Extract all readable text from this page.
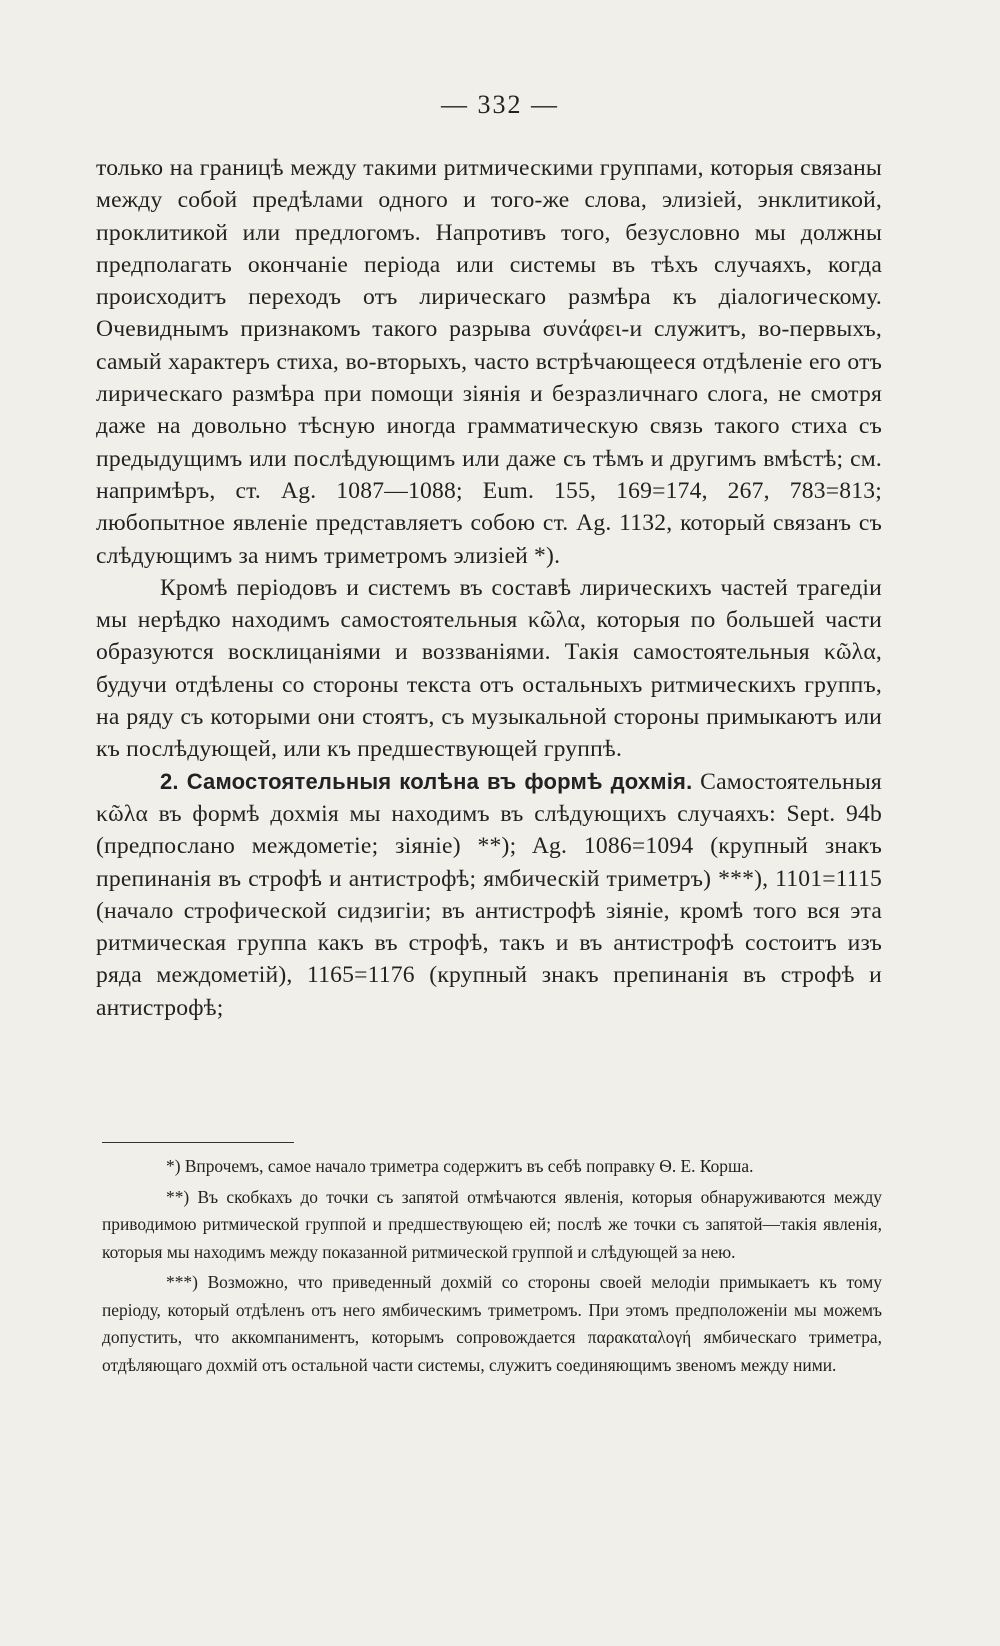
— 332 —

только на границѣ между такими ритмическими группами, которыя связаны между собой предѣлами одного и того-же слова, элизіей, энклитикой, проклитикой или предлогомъ. Напротивъ того, безусловно мы должны предполагать окончаніе періода или системы въ тѣхъ случаяхъ, когда происходитъ переходъ отъ лирическаго размѣра къ діалогическому. Очевиднымъ признакомъ такого разрыва συνάφει-и служитъ, во-первыхъ, самый характеръ стиха, во-вторыхъ, часто встрѣчающееся отдѣленіе его отъ лирическаго размѣра при помощи зіянія и безразличнаго слога, не смотря даже на довольно тѣсную иногда грамматическую связь такого стиха съ предыдущимъ или послѣдующимъ или даже съ тѣмъ и другимъ вмѣстѣ; см. напримѣръ, ст. Ag. 1087—1088; Eum. 155, 169=174, 267, 783=813; любопытное явленіе представляетъ собою ст. Ag. 1132, который связанъ съ слѣдующимъ за нимъ триметромъ элизіей *).

Кромѣ періодовъ и системъ въ составѣ лирическихъ частей трагедіи мы нерѣдко находимъ самостоятельныя κῶλα, которыя по большей части образуются восклицаніями и воззваніями. Такія самостоятельныя κῶλα, будучи отдѣлены со стороны текста отъ остальныхъ ритмическихъ группъ, на ряду съ которыми они стоятъ, съ музыкальной стороны примыкаютъ или къ послѣдующей, или къ предшествующей группѣ.

2. Самостоятельныя колѣна въ формѣ дохмія. Самостоятельныя κῶλα въ формѣ дохмія мы находимъ въ слѣдующихъ случаяхъ: Sept. 94b (предпослано междометіе; зіяніе) **); Ag. 1086=1094 (крупный знакъ препинанія въ строфѣ и антистрофѣ; ямбическій триметръ) ***), 1101=1115 (начало строфической сидзигіи; въ антистрофѣ зіяніе, кромѣ того вся эта ритмическая группа какъ въ строфѣ, такъ и въ антистрофѣ состоитъ изъ ряда междометій), 1165=1176 (крупный знакъ препинанія въ строфѣ и антистрофѣ;

*) Впрочемъ, самое начало триметра содержитъ въ себѣ поправку Ѳ. Е. Корша.

**) Въ скобкахъ до точки съ запятой отмѣчаются явленія, которыя обнаруживаются между приводимою ритмической группой и предшествующею ей; послѣ же точки съ запятой—такія явленія, которыя мы находимъ между показанной ритмической группой и слѣдующей за нею.

***) Возможно, что приведенный дохмій со стороны своей мелодіи примыкаетъ къ тому періоду, который отдѣленъ отъ него ямбическимъ триметромъ. При этомъ предположеніи мы можемъ допустить, что аккомпаниментъ, которымъ сопровождается παρακαταλογή ямбическаго триметра, отдѣляющаго дохмій отъ остальной части системы, служитъ соединяющимъ звеномъ между ними.
